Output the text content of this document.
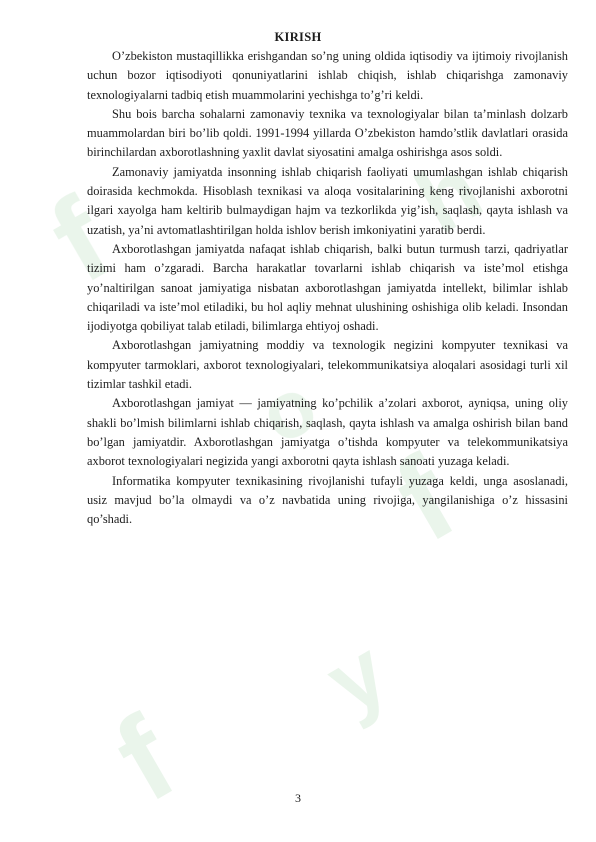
f
f
f
h
o
y
KIRISH

O’zbekiston mustaqillikka erishgandan so’ng uning oldida iqtisodiy va ijtimoiy rivojlanish uchun bozor iqtisodiyoti qonuniyatlarini ishlab chiqish, ishlab chiqarishga zamonaviy texnologiyalarni tadbiq etish muammolarini yechishga to’g’ri keldi.

Shu bois barcha sohalarni zamonaviy texnika va texnologiyalar bilan ta’minlash dolzarb muammolardan biri bo’lib qoldi. 1991-1994 yillarda O’zbekiston hamdo’stlik davlatlari orasida birinchilardan axborotlashning yaxlit davlat siyosatini amalga oshirishga asos soldi.

Zamonaviy jamiyatda insonning ishlab chiqarish faoliyati umumlashgan ishlab chiqarish doirasida kechmokda. Hisoblash texnikasi va aloqa vositalarining keng rivojlanishi axborotni ilgari xayolga ham keltirib bulmaydigan hajm va tezkorlikda yig’ish, saqlash, qayta ishlash va uzatish, ya’ni avtomatlashtirilgan holda ishlov berish imkoniyatini yaratib berdi.

Axborotlashgan jamiyatda nafaqat ishlab chiqarish, balki butun turmush tarzi, qadriyatlar tizimi ham o’zgaradi. Barcha harakatlar tovarlarni ishlab chiqarish va iste’mol etishga yo’naltirilgan sanoat jamiyatiga nisbatan axborotlashgan jamiyatda intellekt, bilimlar ishlab chiqariladi va iste’mol etiladiki, bu hol aqliy mehnat ulushining oshishiga olib keladi. Insondan ijodiyotga qobiliyat talab etiladi, bilimlarga ehtiyoj oshadi.

Axborotlashgan jamiyatning moddiy va texnologik negizini kompyuter texnikasi va kompyuter tarmoklari, axborot texnologiyalari, telekommunikatsiya aloqalari asosidagi turli xil tizimlar tashkil etadi.

Axborotlashgan jamiyat — jamiyatning ko’pchilik a’zolari axborot, ayniqsa, uning oliy shakli bo’lmish bilimlarni ishlab chiqarish, saqlash, qayta ishlash va amalga oshirish bilan band bo’lgan jamiyatdir. Axborotlashgan jamiyatga o’tishda kompyuter va telekommunikatsiya axborot texnologiyalari negizida yangi axborotni qayta ishlash sanoati yuzaga keladi.

Informatika kompyuter texnikasining rivojlanishi tufayli yuzaga keldi, unga asoslanadi, usiz mavjud bo’la olmaydi va o’z navbatida uning rivojiga, yangilanishiga o’z hissasini qo’shadi.

3
